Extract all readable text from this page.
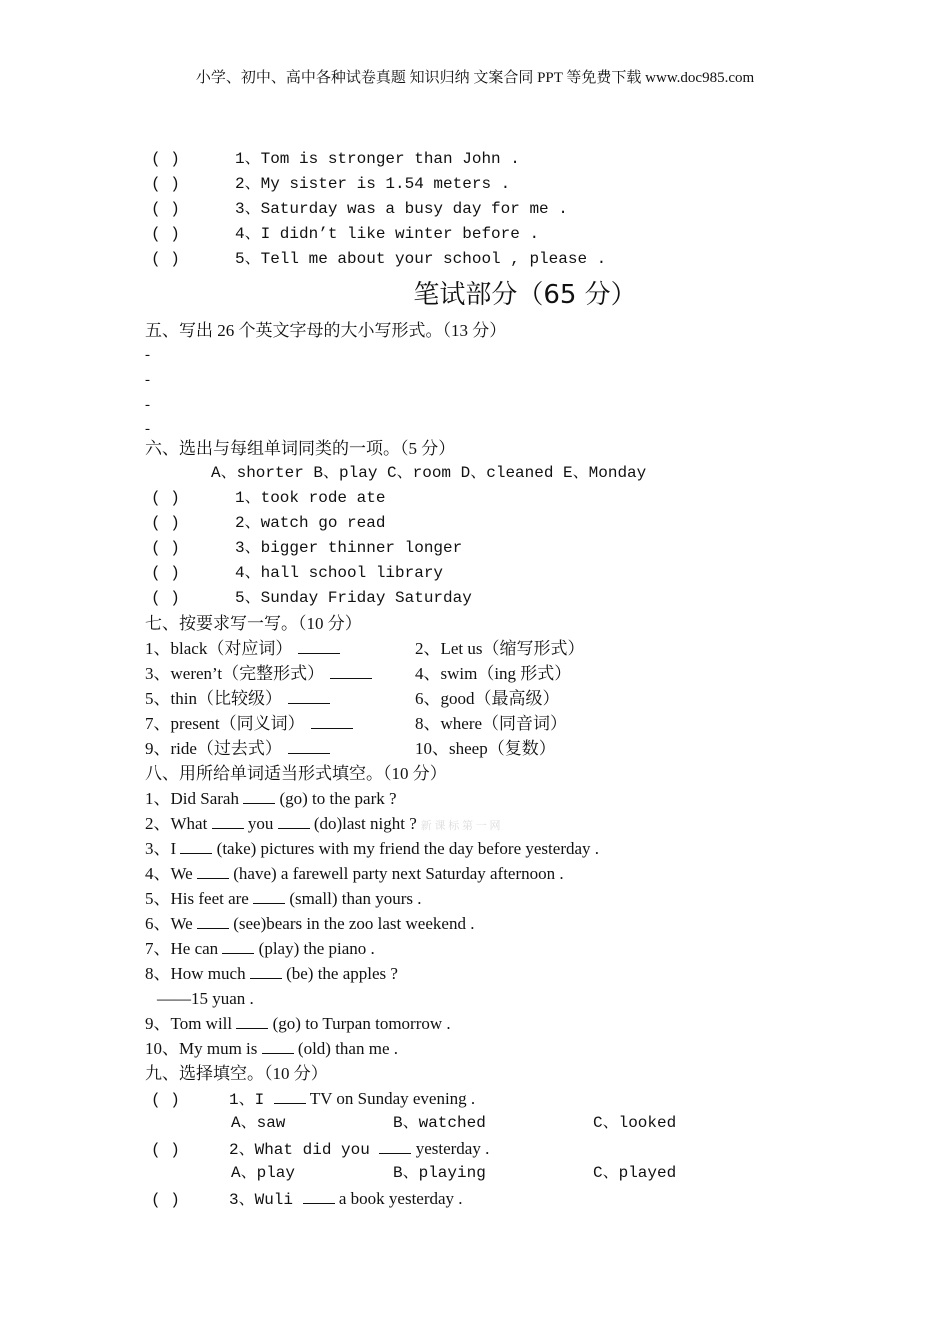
小学、初中、高中各种试卷真题 知识归纳 文案合同 PPT 等免费下载 www.doc985.com
( )	1、Tom is stronger than John .
( )	2、My sister is 1.54 meters .
( )	3、Saturday was a busy day for me .
( )	4、I didn’t like winter before .
( )	5、Tell me about your school , please .
笔试部分（65 分）
五、写出 26 个英文字母的大小写形式。（13 分）
-
-
-
-
六、选出与每组单词同类的一项。（5 分）
A、shorter B、play C、room D、cleaned E、Monday
( )	1、took rode ate
( )	2、watch go read
( )	3、bigger thinner longer
( )	4、hall school library
( )	5、Sunday Friday Saturday
七、按要求写一写。（10 分）
1、black（对应词）	2、Let us（缩写形式）
3、weren’t（完整形式）	4、swim（ing 形式）
5、thin（比较级）	6、good（最高级）
7、present（同义词）	8、where（同音词）
9、ride（过去式）	10、sheep（复数）
八、用所给单词适当形式填空。（10 分）
1、Did Sarah  (go) to the park ?
2、What  you  (do)last night ? 新 课 标 第 一 网
3、I  (take) pictures with my friend the day before yesterday .
4、We  (have) a farewell party next Saturday afternoon .
5、His feet are  (small) than yours .
6、We  (see)bears in the zoo last weekend .
7、He can  (play) the piano .
8、How much  (be) the apples ?
——15 yuan .
9、Tom will  (go) to Turpan tomorrow .
10、My mum is  (old) than me .
九、选择填空。（10 分）
( )	1、I  TV on Sunday evening .
A、saw	B、watched	C、looked
( )	2、What did you  yesterday .
A、play	B、playing	C、played
( )	3、Wuli  a book yesterday .
